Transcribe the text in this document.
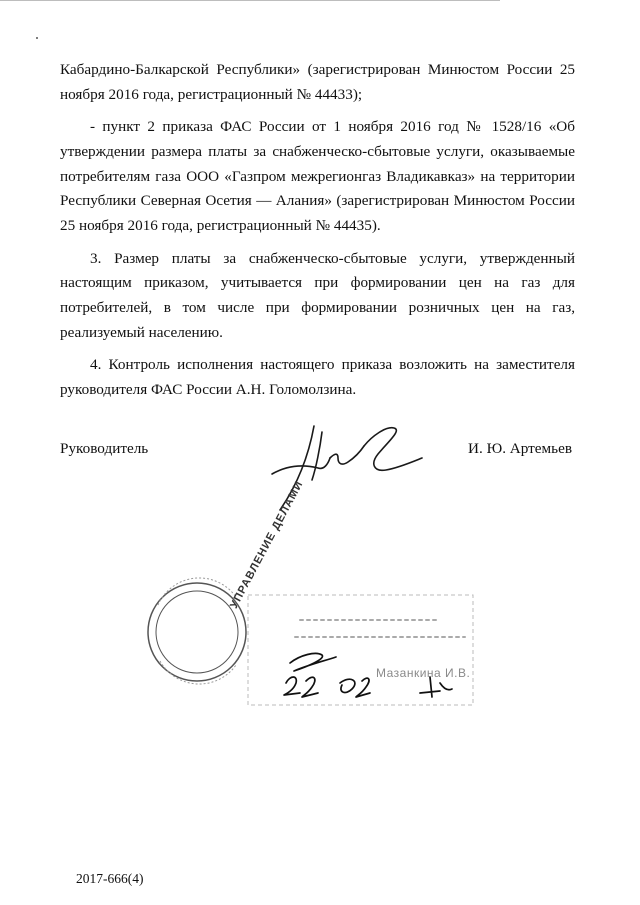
Кабардино-Балкарской Республики» (зарегистрирован Минюстом России 25 ноября 2016 года, регистрационный № 44433);

- пункт 2 приказа ФАС России от 1 ноября 2016 год № 1528/16 «Об утверждении размера платы за снабженческо-сбытовые услуги, оказываемые потребителям газа ООО «Газпром межрегионгаз Владикавказ» на территории Республики Северная Осетия — Алания» (зарегистрирован Минюстом России 25 ноября 2016 года, регистрационный № 44435).

3. Размер платы за снабженческо-сбытовые услуги, утвержденный настоящим приказом, учитывается при формировании цен на газ для потребителей, в том числе при формировании розничных цен на газ, реализуемый населению.

4. Контроль исполнения настоящего приказа возложить на заместителя руководителя ФАС России А.Н. Голомолзина.

Руководитель	И. Ю. Артемьев
УПРАВЛЕНИЕ ДЕЛАМИ
Мазанкина И.В.
2017-666(4)
